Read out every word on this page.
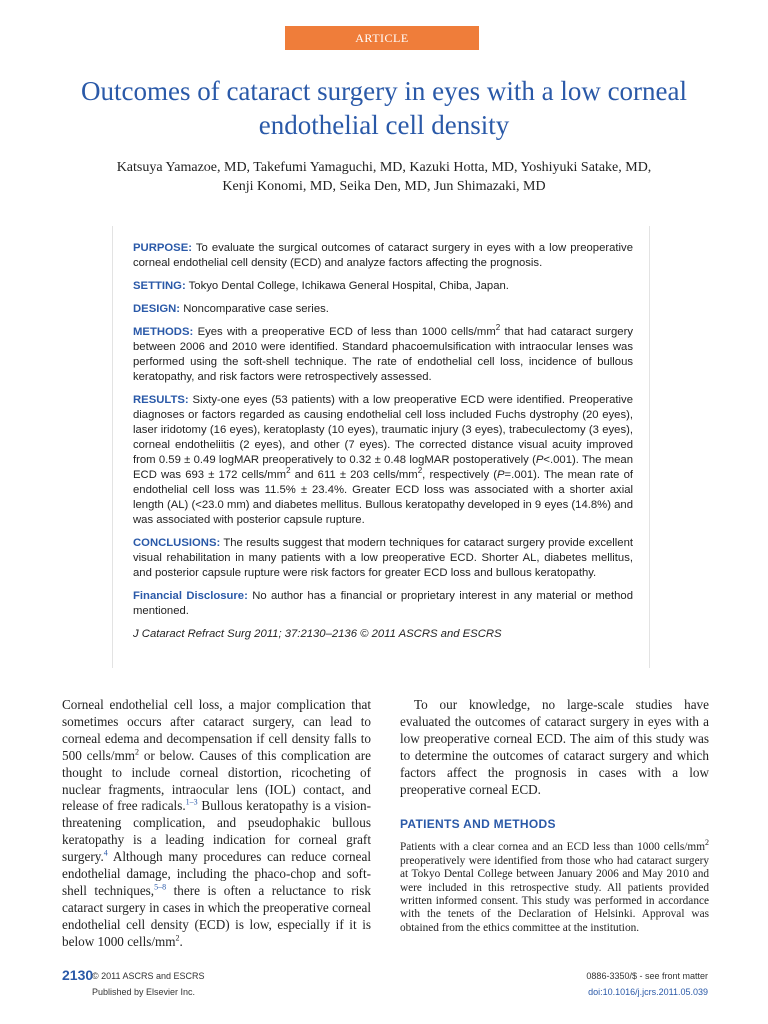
ARTICLE
Outcomes of cataract surgery in eyes with a low corneal endothelial cell density
Katsuya Yamazoe, MD, Takefumi Yamaguchi, MD, Kazuki Hotta, MD, Yoshiyuki Satake, MD,
Kenji Konomi, MD, Seika Den, MD, Jun Shimazaki, MD

PURPOSE: To evaluate the surgical outcomes of cataract surgery in eyes with a low preoperative corneal endothelial cell density (ECD) and analyze factors affecting the prognosis.

SETTING: Tokyo Dental College, Ichikawa General Hospital, Chiba, Japan.

DESIGN: Noncomparative case series.

METHODS: Eyes with a preoperative ECD of less than 1000 cells/$mm^2$ that had cataract surgery between 2006 and 2010 were identified. Standard phacoemulsification with intraocular lenses was performed using the soft-shell technique. The rate of endothelial cell loss, incidence of bullous keratopathy, and risk factors were retrospectively assessed.

RESULTS: Sixty-one eyes (53 patients) with a low preoperative ECD were identified. Preoperative diagnoses or factors regarded as causing endothelial cell loss included Fuchs dystrophy (20 eyes), laser iridotomy (16 eyes), keratoplasty (10 eyes), traumatic injury (3 eyes), trabeculectomy (3 eyes), corneal endotheliitis (2 eyes), and other (7 eyes). The corrected distance visual acuity improved from 0.59 ± 0.49 logMAR preoperatively to 0.32 ± 0.48 logMAR postoperatively (P<.001). The mean ECD was 693 ± 172 cells/$mm^2$ and 611 ± 203 cells/$mm^2$, respectively (P=.001). The mean rate of endothelial cell loss was 11.5% ± 23.4%. Greater ECD loss was associated with a shorter axial length (AL) (<23.0 mm) and diabetes mellitus. Bullous keratopathy developed in 9 eyes (14.8%) and was associated with posterior capsule rupture.

CONCLUSIONS: The results suggest that modern techniques for cataract surgery provide excellent visual rehabilitation in many patients with a low preoperative ECD. Shorter AL, diabetes mellitus, and posterior capsule rupture were risk factors for greater ECD loss and bullous keratopathy.

Financial Disclosure: No author has a financial or proprietary interest in any material or method mentioned.

J Cataract Refract Surg 2011; 37:2130–2136 © 2011 ASCRS and ESCRS

Corneal endothelial cell loss, a major complication that sometimes occurs after cataract surgery, can lead to corneal edema and decompensation if cell density falls to 500 cells/$mm^2$ or below. Causes of this complication are thought to include corneal distortion, ricocheting of nuclear fragments, intraocular lens (IOL) contact, and release of free radicals.$^{1-3}$ Bullous keratopathy is a vision-threatening complication, and pseudophakic bullous keratopathy is a leading indication for corneal graft surgery.$^4$ Although many procedures can reduce corneal endothelial damage, including the phaco-chop and soft-shell techniques,$^{5-8}$ there is often a reluctance to risk cataract surgery in cases in which the preoperative corneal endothelial cell density (ECD) is low, especially if it is below 1000 cells/$mm^2$.

To our knowledge, no large-scale studies have evaluated the outcomes of cataract surgery in eyes with a low preoperative corneal ECD. The aim of this study was to determine the outcomes of cataract surgery and which factors affect the prognosis in cases with a low preoperative corneal ECD.

PATIENTS AND METHODS

Patients with a clear cornea and an ECD less than 1000 cells/$mm^2$ preoperatively were identified from those who had cataract surgery at Tokyo Dental College between January 2006 and May 2010 and were included in this retrospective study. All patients provided written informed consent. This study was performed in accordance with the tenets of the Declaration of Helsinki. Approval was obtained from the ethics committee at the institution.

2130
© 2011 ASCRS and ESCRS
Published by Elsevier Inc.
0886-3350/$ - see front matter
doi:10.1016/j.jcrs.2011.05.039
